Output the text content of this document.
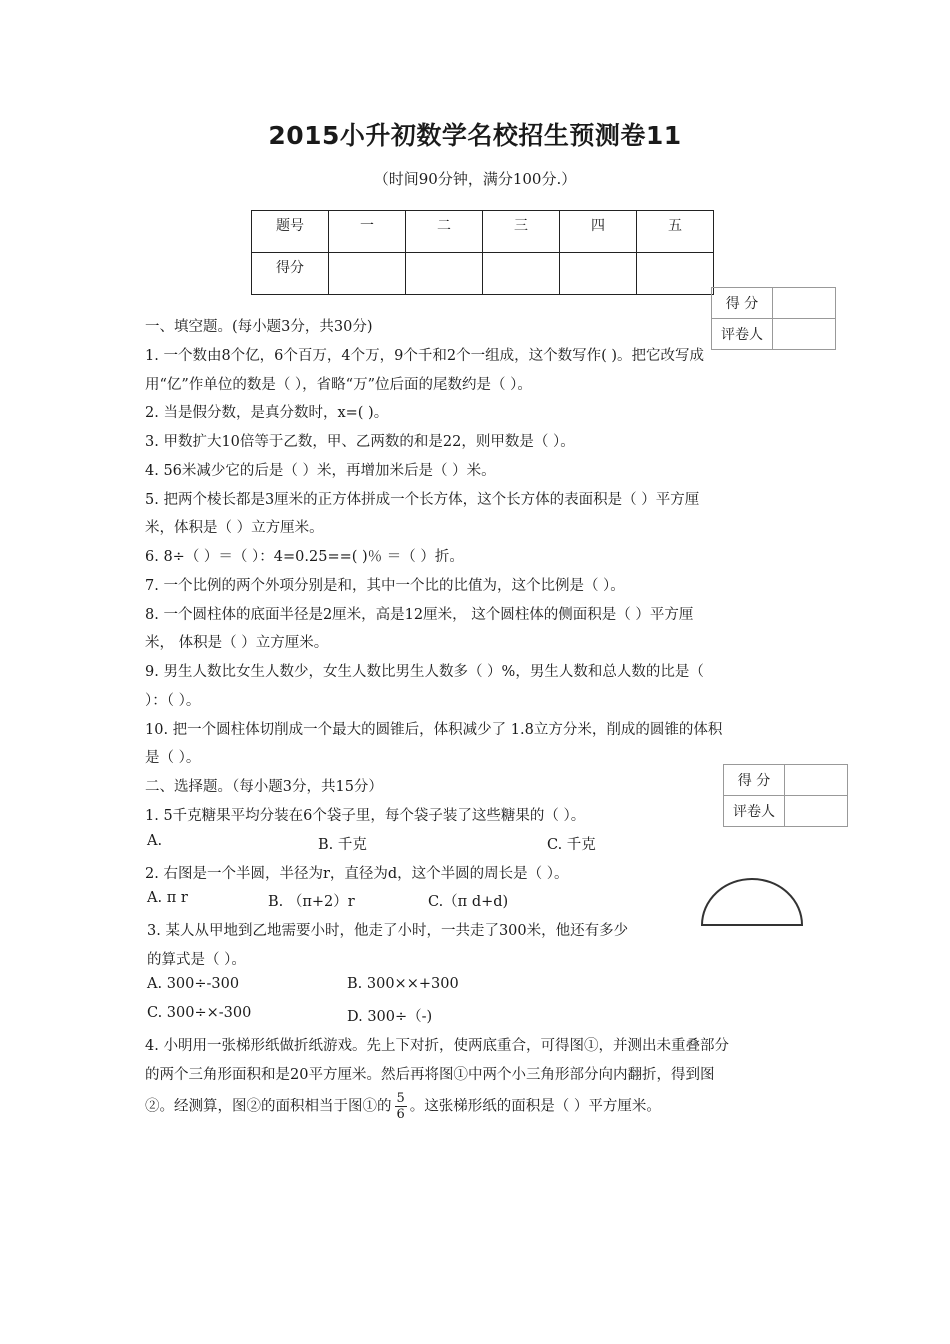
2015小升初数学名校招生预测卷11
（时间90分钟，满分100分.）
题号	一	二	三	四	五
得分					
得 分	
评卷人	
得 分	
评卷人	
一、填空题。(每小题3分，共30分)
1. 一个数由8个亿，6个百万，4个万，9个千和2个一组成，这个数写作( )。把它改写成
用“亿”作单位的数是（ ），省略“万”位后面的尾数约是（ ）。
2. 当是假分数，是真分数时，x=( )。
3. 甲数扩大10倍等于乙数，甲、乙两数的和是22，则甲数是（ ）。
4. 56米减少它的后是（ ）米，再增加米后是（ ）米。
5. 把两个棱长都是3厘米的正方体拼成一个长方体，这个长方体的表面积是（ ）平方厘
米，体积是（ ）立方厘米。
6. 8÷（ ）＝（ ）：4=0.25==( )％ ＝（ ）折。
7. 一个比例的两个外项分别是和，其中一个比的比值为，这个比例是（ ）。
8. 一个圆柱体的底面半径是2厘米，高是12厘米， 这个圆柱体的侧面积是（ ）平方厘
米， 体积是（ ）立方厘米。
9. 男生人数比女生人数少，女生人数比男生人数多（ ）%，男生人数和总人数的比是（
）：（ ）。
10. 把一个圆柱体切削成一个最大的圆锥后，体积减少了 1.8立方分米，削成的圆锥的体积
是（ ）。
二、选择题。（每小题3分，共15分）
1. 5千克糖果平均分装在6个袋子里，每个袋子装了这些糖果的（ ）。
A.	B. 千克	C. 千克
2. 右图是一个半圆，半径为r，直径为d，这个半圆的周长是（ ）。
A. π r	B. （π+2）r	C.（π d+d)
3. 某人从甲地到乙地需要小时，他走了小时，一共走了300米，他还有多少
的算式是（ ）。
A. 300÷-300	B. 300××+300
C. 300÷×-300	D. 300÷（-)
4. 小明用一张梯形纸做折纸游戏。先上下对折，使两底重合，可得图①，并测出未重叠部分
的两个三角形面积和是20平方厘米。然后再将图①中两个小三角形部分向内翻折，得到图
②。经测算，图②的面积相当于图①的 $\frac{5}{6}$ 。这张梯形纸的面积是（ ）平方厘米。
